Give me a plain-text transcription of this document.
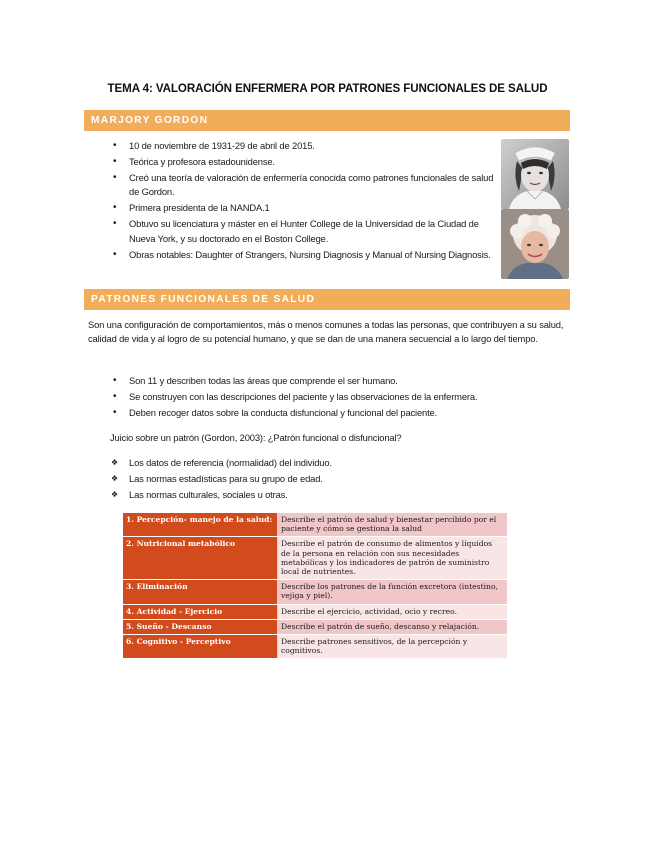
TEMA 4: VALORACIÓN ENFERMERA POR PATRONES FUNCIONALES DE SALUD
MARJORY GORDON
• 10 de noviembre de 1931-29 de abril de 2015.
• Teórica y profesora estadounidense.
• Creó una teoría de valoración de enfermería conocida como patrones funcionales de salud de Gordon.
• Primera presidenta de la NANDA.1
• Obtuvo su licenciatura y máster en el Hunter College de la Universidad de la Ciudad de Nueva York, y su doctorado en el Boston College.
• Obras notables: Daughter of Strangers, Nursing Diagnosis y Manual of Nursing Diagnosis.
PATRONES FUNCIONALES DE SALUD

Son una configuración de comportamientos, más o menos comunes a todas las personas, que contribuyen a su salud, calidad de vida y al logro de su potencial humano, y que se dan de una manera secuencial a lo largo del tiempo.

• Son 11 y describen todas las áreas que comprende el ser humano.
• Se construyen con las descripciones del paciente y las observaciones de la enfermera.
• Deben recoger datos sobre la conducta disfuncional y funcional del paciente.

Juicio sobre un patrón (Gordon, 2003): ¿Patrón funcional o disfuncional?

❖ Los datos de referencia (normalidad) del individuo.
❖ Las normas estadísticas para su grupo de edad.
❖ Las normas culturales, sociales u otras.
1. Percepción- manejo de la salud:	Describe el patrón de salud y bienestar percibido por el paciente y cómo se gestiona la salud
2. Nutricional metabólico	Describe el patrón de consumo de alimentos y líquidos de la persona en relación con sus necesidades metabólicas y los indicadores de patrón de suministro local de nutrientes.
3. Eliminación	Describe los patrones de la función excretora (intestino, vejiga y piel).
4. Actividad - Ejercicio	Describe el ejercicio, actividad, ocio y recreo.
5. Sueño - Descanso	Describe el patrón de sueño, descanso y relajación.
6. Cognitivo - Perceptivo	Describe patrones sensitivos, de la percepción y cognitivos.
